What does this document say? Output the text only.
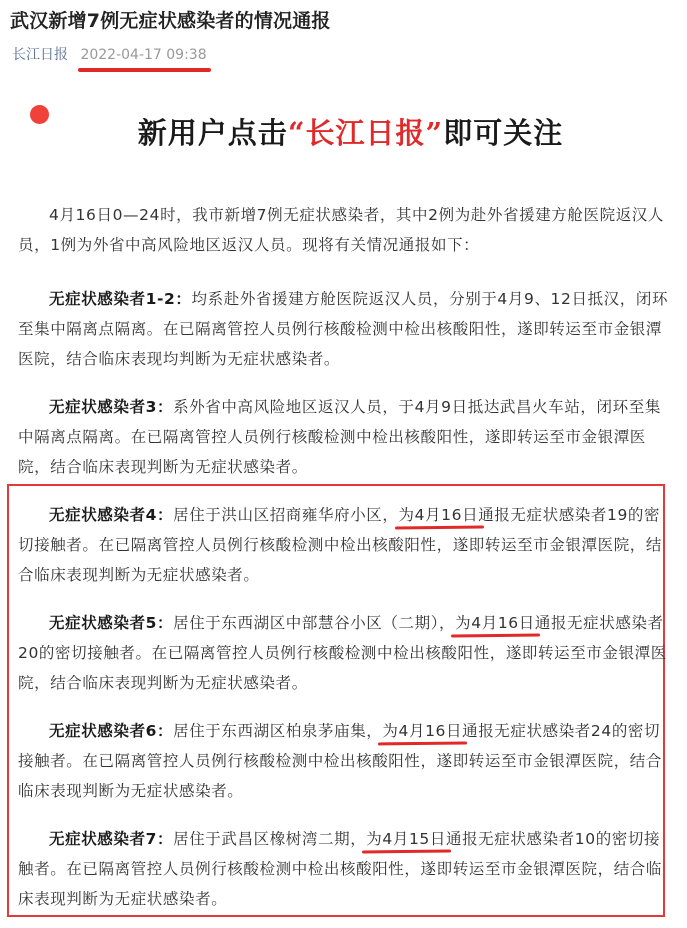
武汉新增7例无症状感染者的情况通报
长江日报 2022-04-17 09:38
新用户点击“长江日报”即可关注

4月16日0—24时，我市新增7例无症状感染者，其中2例为赴外省援建方舱医院返汉人员，1例为外省中高风险地区返汉人员。现将有关情况通报如下：

无症状感染者1-2：均系赴外省援建方舱医院返汉人员，分别于4月9、12日抵汉，闭环至集中隔离点隔离。在已隔离管控人员例行核酸检测中检出核酸阳性，遂即转运至市金银潭医院，结合临床表现均判断为无症状感染者。

无症状感染者3：系外省中高风险地区返汉人员，于4月9日抵达武昌火车站，闭环至集中隔离点隔离。在已隔离管控人员例行核酸检测中检出核酸阳性，遂即转运至市金银潭医院，结合临床表现判断为无症状感染者。

无症状感染者4：居住于洪山区招商雍华府小区，为4月16日通报无症状感染者19的密切接触者。在已隔离管控人员例行核酸检测中检出核酸阳性，遂即转运至市金银潭医院，结合临床表现判断为无症状感染者。

无症状感染者5：居住于东西湖区中部慧谷小区（二期），为4月16日通报无症状感染者20的密切接触者。在已隔离管控人员例行核酸检测中检出核酸阳性，遂即转运至市金银潭医院，结合临床表现判断为无症状感染者。

无症状感染者6：居住于东西湖区柏泉茅庙集，为4月16日通报无症状感染者24的密切接触者。在已隔离管控人员例行核酸检测中检出核酸阳性，遂即转运至市金银潭医院，结合临床表现判断为无症状感染者。

无症状感染者7：居住于武昌区橡树湾二期，为4月15日通报无症状感染者10的密切接触者。在已隔离管控人员例行核酸检测中检出核酸阳性，遂即转运至市金银潭医院，结合临床表现判断为无症状感染者。
